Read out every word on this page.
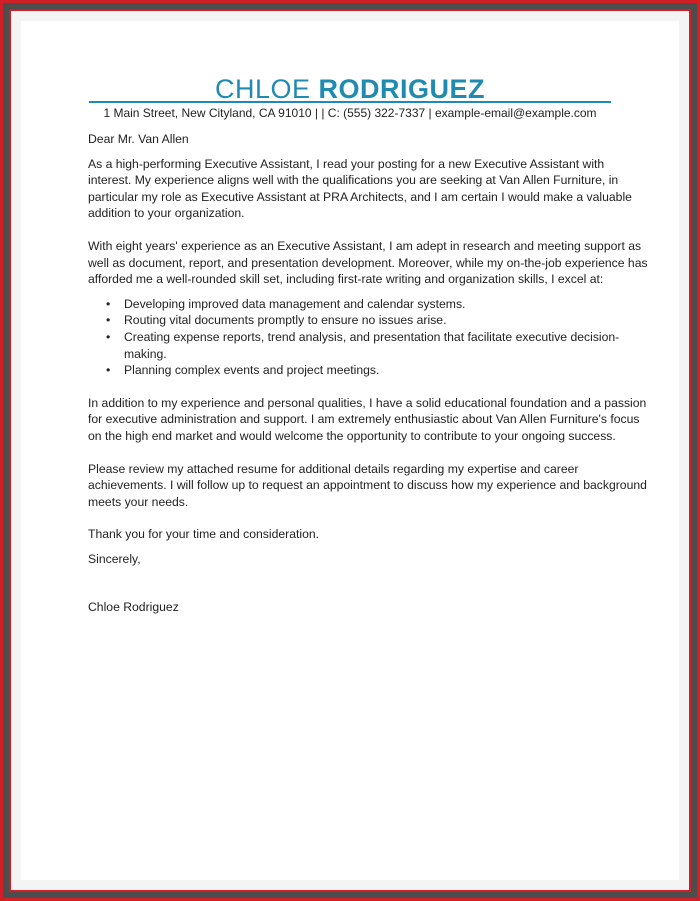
CHLOE RODRIGUEZ
1 Main Street, New Cityland, CA 91010 | | C: (555) 322-7337 | example-email@example.com

Dear Mr. Van Allen

As a high-performing Executive Assistant, I read your posting for a new Executive Assistant with interest. My experience aligns well with the qualifications you are seeking at Van Allen Furniture, in particular my role as Executive Assistant at PRA Architects, and I am certain I would make a valuable addition to your organization.

With eight years' experience as an Executive Assistant, I am adept in research and meeting support as well as document, report, and presentation development. Moreover, while my on-the-job experience has afforded me a well-rounded skill set, including first-rate writing and organization skills, I excel at:

• Developing improved data management and calendar systems.
• Routing vital documents promptly to ensure no issues arise.
• Creating expense reports, trend analysis, and presentation that facilitate executive decision-making.
• Planning complex events and project meetings.

In addition to my experience and personal qualities, I have a solid educational foundation and a passion for executive administration and support. I am extremely enthusiastic about Van Allen Furniture's focus on the high end market and would welcome the opportunity to contribute to your ongoing success.

Please review my attached resume for additional details regarding my expertise and career achievements. I will follow up to request an appointment to discuss how my experience and background meets your needs.

Thank you for your time and consideration.

Sincerely,

Chloe Rodriguez
